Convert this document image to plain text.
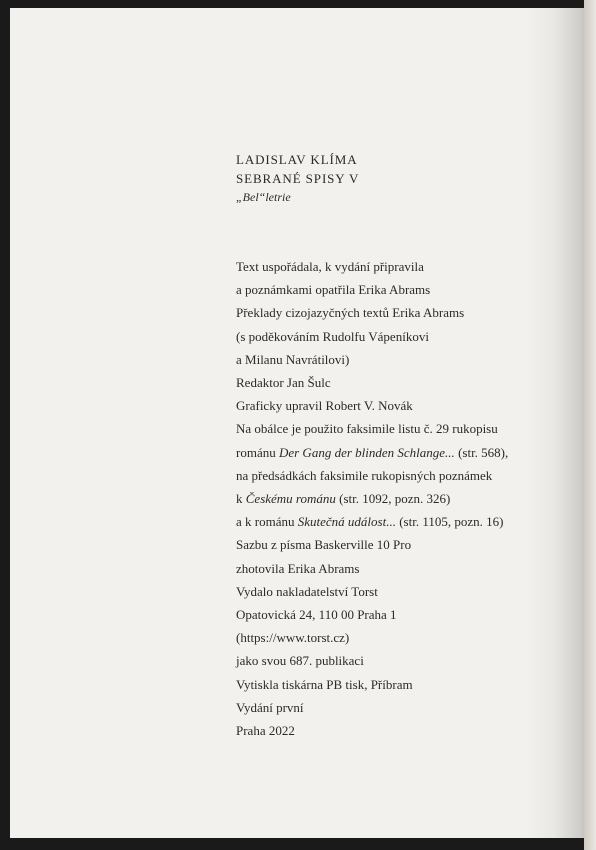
LADISLAV KLÍMA
SEBRANÉ SPISY V
„Bel“letrie
Text uspořádala, k vydání připravila
a poznámkami opatřila Erika Abrams
Překlady cizojazyčných textů Erika Abrams
(s poděkováním Rudolfu Vápeníkovi
a Milanu Navrátilovi)
Redaktor Jan Šulc
Graficky upravil Robert V. Novák
Na obálce je použito faksimile listu č. 29 rukopisu
románu Der Gang der blinden Schlange... (str. 568),
na předsádkách faksimile rukopisných poznámek
k Českému románu (str. 1092, pozn. 326)
a k románu Skutečná událost... (str. 1105, pozn. 16)
Sazbu z písma Baskerville 10 Pro
zhotovila Erika Abrams
Vydalo nakladatelství Torst
Opatovická 24, 110 00 Praha 1
(https://www.torst.cz)
jako svou 687. publikaci
Vytiskla tiskárna PB tisk, Příbram
Vydání první
Praha 2022
